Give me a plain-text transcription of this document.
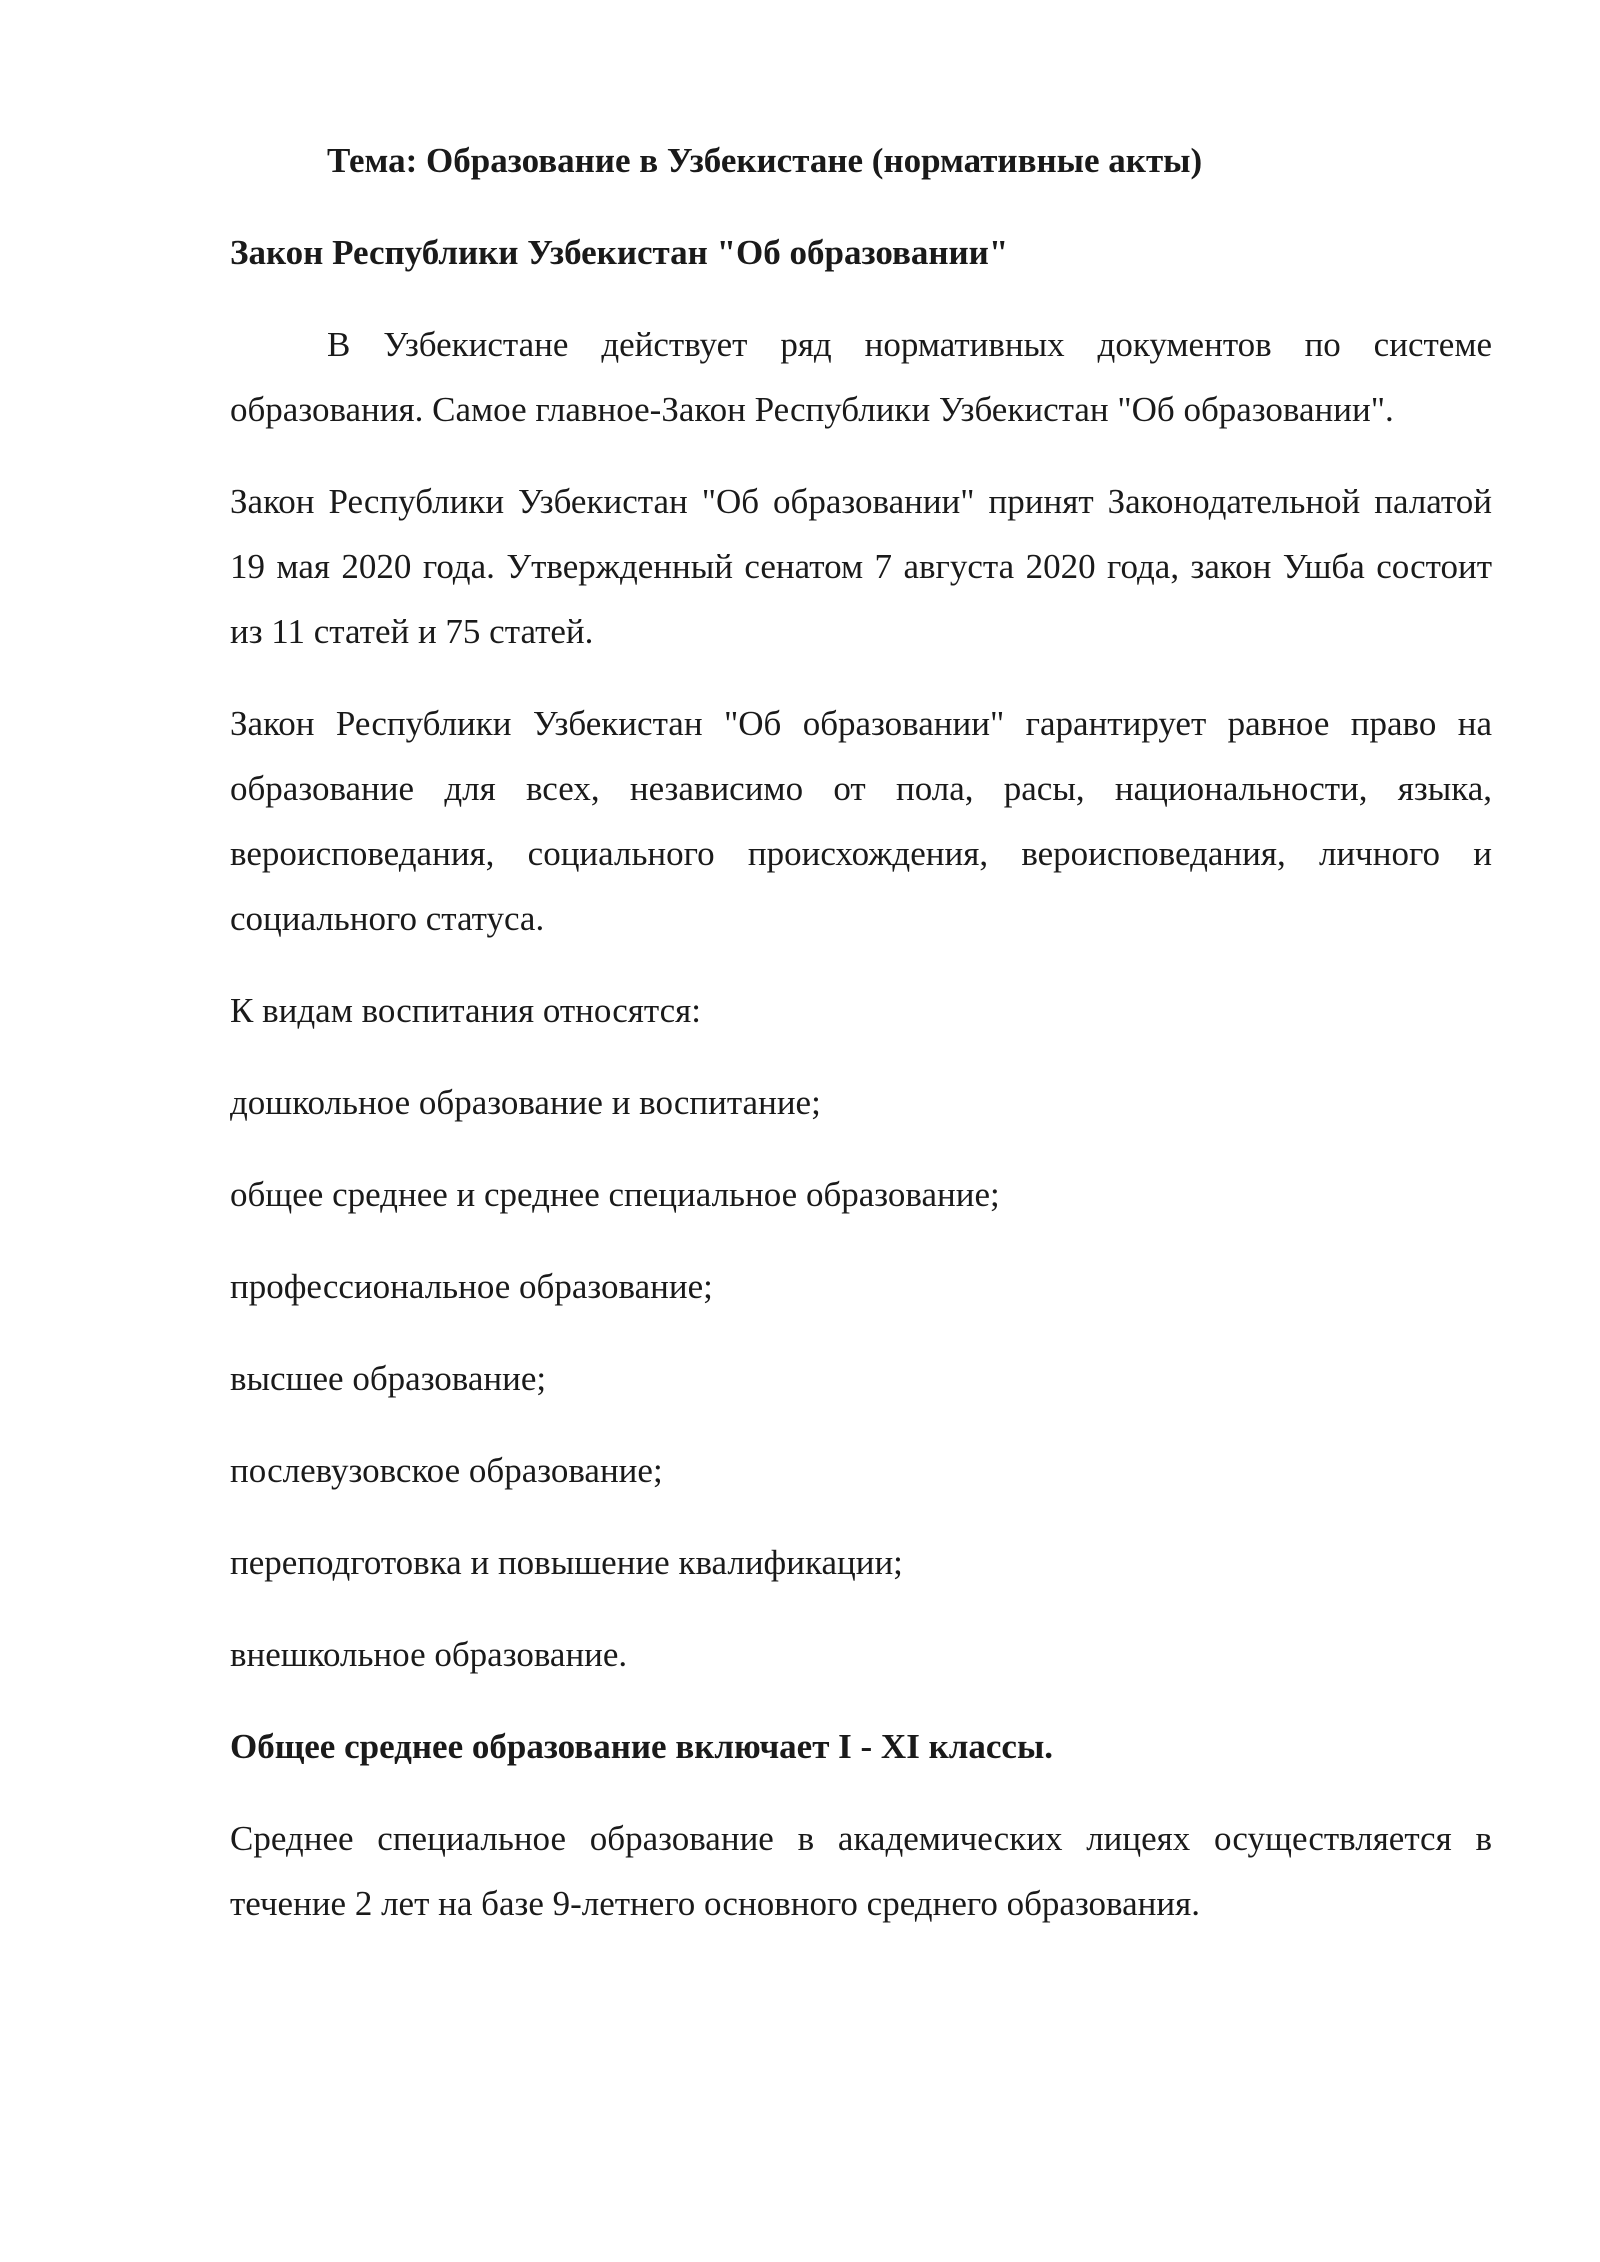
Тема: Образование в Узбекистане (нормативные акты)

Закон Республики Узбекистан "Об образовании"

В Узбекистане действует ряд нормативных документов по системе образования. Самое главное-Закон Республики Узбекистан "Об образовании".

Закон Республики Узбекистан "Об образовании" принят Законодательной палатой 19 мая 2020 года. Утвержденный сенатом 7 августа 2020 года, закон Ушба состоит из 11 статей и 75 статей.

Закон Республики Узбекистан "Об образовании" гарантирует равное право на образование для всех, независимо от пола, расы, национальности, языка, вероисповедания, социального происхождения, вероисповедания, личного и социального статуса.

К видам воспитания относятся:

дошкольное образование и воспитание;

общее среднее и среднее специальное образование;

профессиональное образование;

высшее образование;

послевузовское образование;

переподготовка и повышение квалификации;

внешкольное образование.

Общее среднее образование включает I - XI классы.

Среднее специальное образование в академических лицеях осуществляется в течение 2 лет на базе 9-летнего основного среднего образования.
